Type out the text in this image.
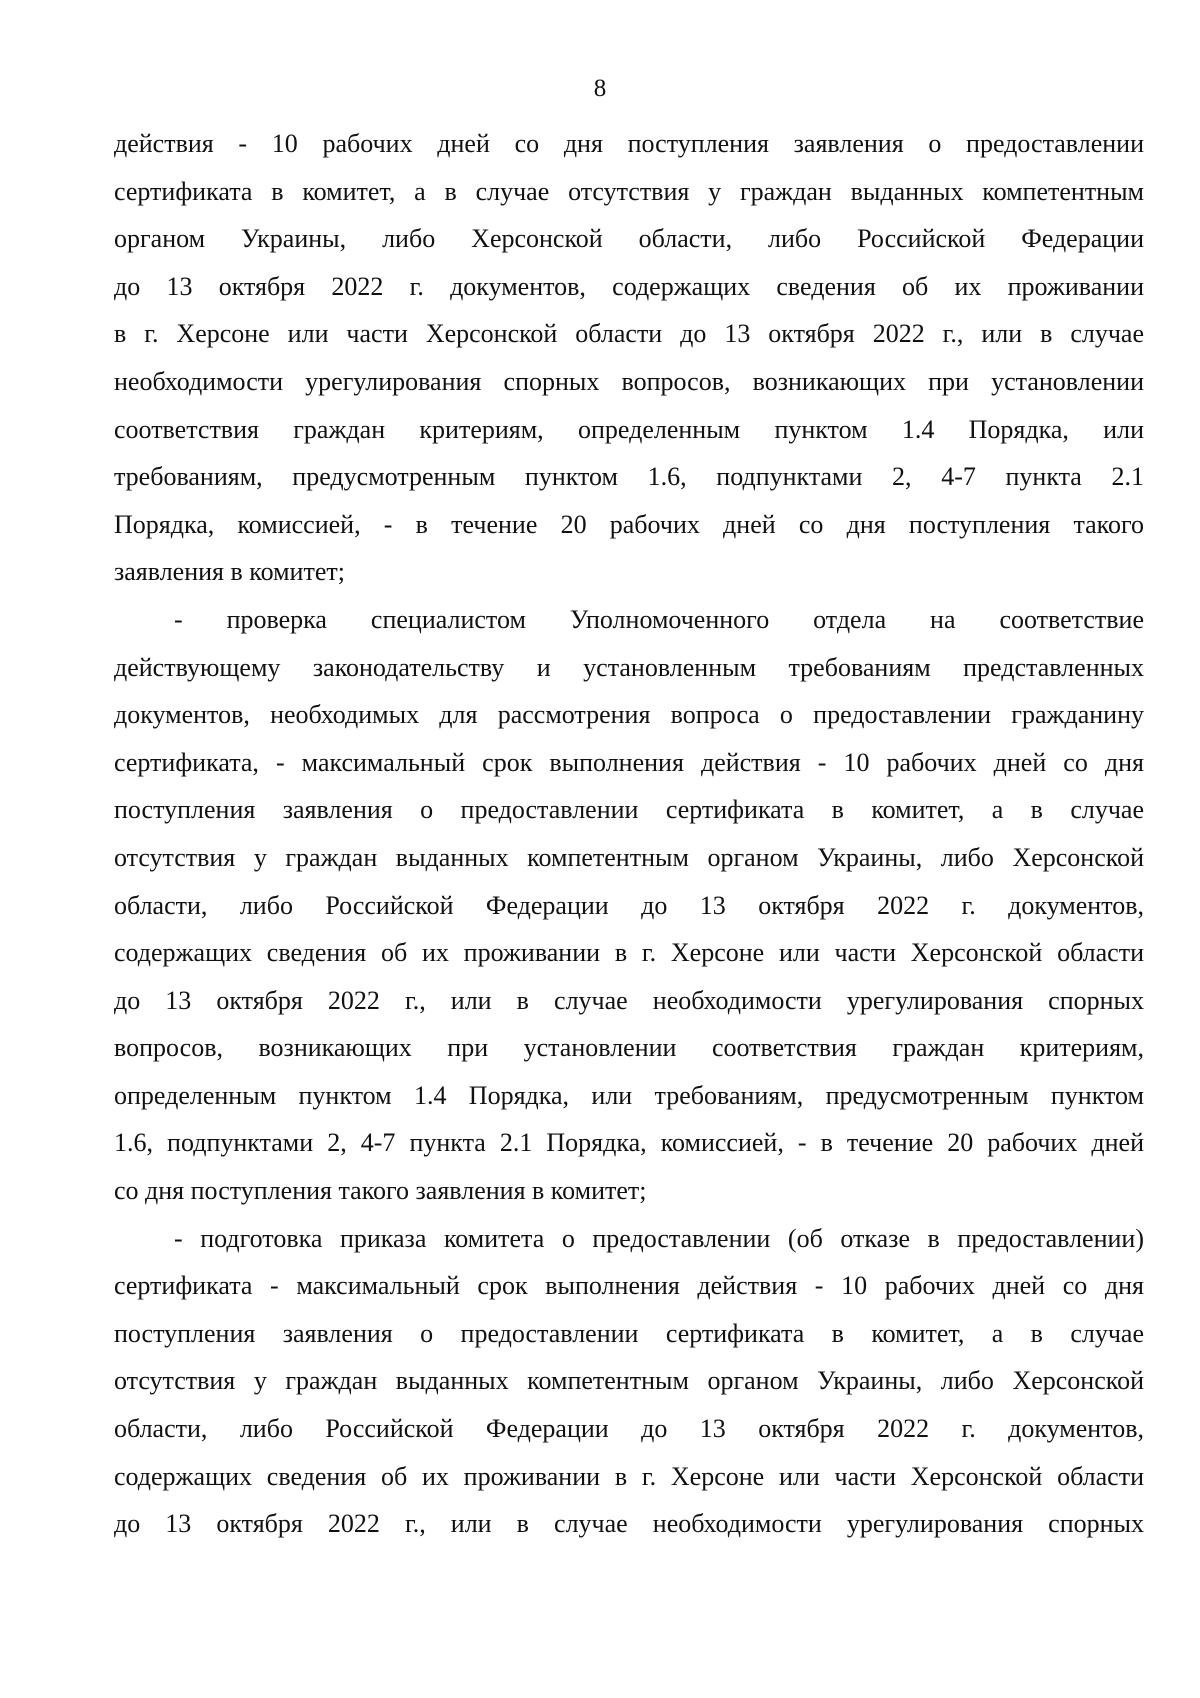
8
действия - 10 рабочих дней со дня поступления заявления о предоставлении
сертификата в комитет, а в случае отсутствия у граждан выданных компетентным
органом Украины, либо Херсонской области, либо Российской Федерации
до 13 октября 2022 г. документов, содержащих сведения об их проживании
в г. Херсоне или части Херсонской области до 13 октября 2022 г., или в случае
необходимости урегулирования спорных вопросов, возникающих при установлении
соответствия граждан критериям, определенным пунктом 1.4 Порядка, или
требованиям, предусмотренным пунктом 1.6, подпунктами 2, 4-7 пункта 2.1
Порядка, комиссией, - в течение 20 рабочих дней со дня поступления такого
заявления в комитет;
- проверка специалистом Уполномоченного отдела на соответствие
действующему законодательству и установленным требованиям представленных
документов, необходимых для рассмотрения вопроса о предоставлении гражданину
сертификата, - максимальный срок выполнения действия - 10 рабочих дней со дня
поступления заявления о предоставлении сертификата в комитет, а в случае
отсутствия у граждан выданных компетентным органом Украины, либо Херсонской
области, либо Российской Федерации до 13 октября 2022 г. документов,
содержащих сведения об их проживании в г. Херсоне или части Херсонской области
до 13 октября 2022 г., или в случае необходимости урегулирования спорных
вопросов, возникающих при установлении соответствия граждан критериям,
определенным пунктом 1.4 Порядка, или требованиям, предусмотренным пунктом
1.6, подпунктами 2, 4-7 пункта 2.1 Порядка, комиссией, - в течение 20 рабочих дней
со дня поступления такого заявления в комитет;
- подготовка приказа комитета о предоставлении (об отказе в предоставлении)
сертификата - максимальный срок выполнения действия - 10 рабочих дней со дня
поступления заявления о предоставлении сертификата в комитет, а в случае
отсутствия у граждан выданных компетентным органом Украины, либо Херсонской
области, либо Российской Федерации до 13 октября 2022 г. документов,
содержащих сведения об их проживании в г. Херсоне или части Херсонской области
до 13 октября 2022 г., или в случае необходимости урегулирования спорных
